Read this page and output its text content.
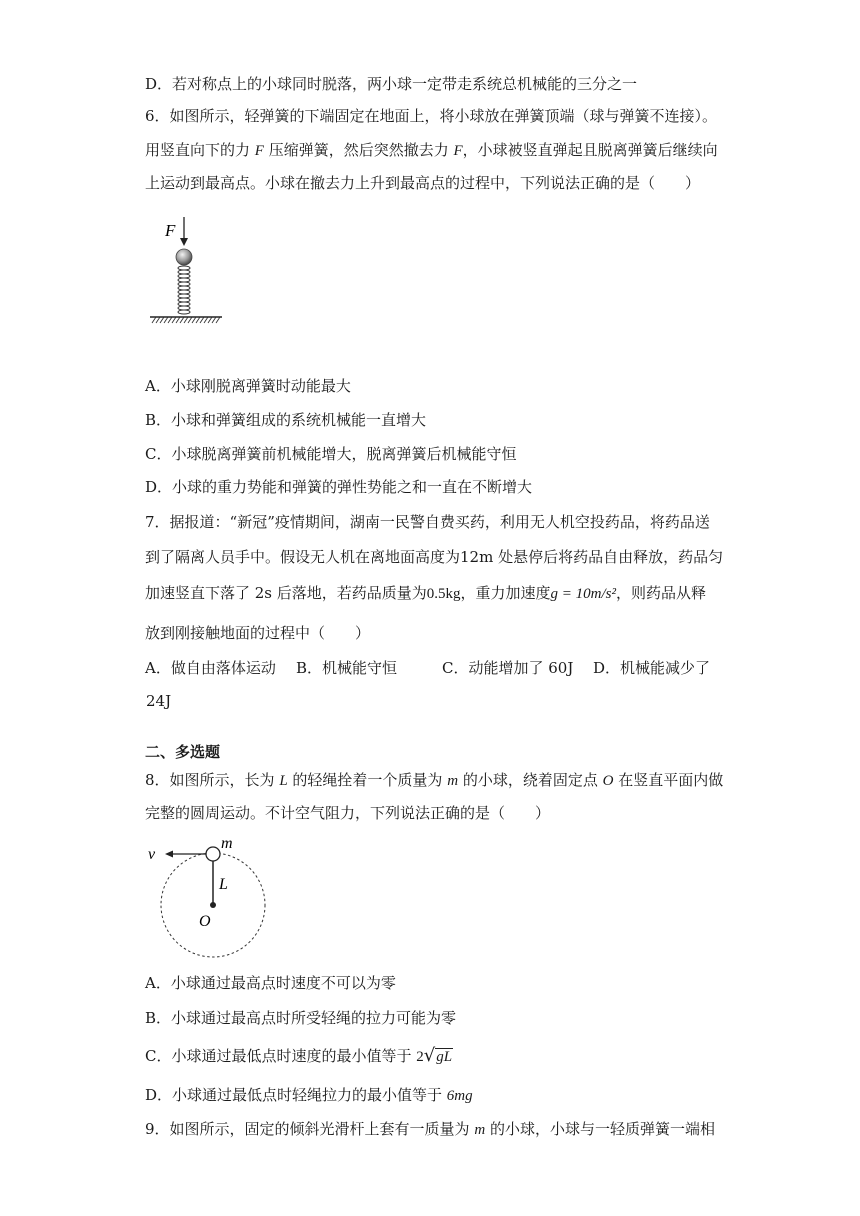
D．若对称点上的小球同时脱落，两小球一定带走系统总机械能的三分之一
6．如图所示，轻弹簧的下端固定在地面上，将小球放在弹簧顶端（球与弹簧不连接）。
用竖直向下的力 F 压缩弹簧，然后突然撤去力 F，小球被竖直弹起且脱离弹簧后继续向
上运动到最高点。小球在撤去力上升到最高点的过程中，下列说法正确的是（　　）
F
A．小球刚脱离弹簧时动能最大
B．小球和弹簧组成的系统机械能一直增大
C．小球脱离弹簧前机械能增大，脱离弹簧后机械能守恒
D．小球的重力势能和弹簧的弹性势能之和一直在不断增大
7．据报道：“新冠”疫情期间，湖南一民警自费买药，利用无人机空投药品，将药品送
到了隔离人员手中。假设无人机在离地面高度为12m 处悬停后将药品自由释放，药品匀
加速竖直下落了 2s 后落地，若药品质量为0.5kg，重力加速度g = 10m/s²，则药品从释
放到刚接触地面的过程中（　　）
A．做自由落体运动 B．机械能守恒	C．动能增加了 60J D．机械能减少了
24J
二、多选题
8．如图所示，长为 L 的轻绳拴着一个质量为 m 的小球，绕着固定点 O 在竖直平面内做
完整的圆周运动。不计空气阻力，下列说法正确的是（　　）
v
m
L
O
A．小球通过最高点时速度不可以为零
B．小球通过最高点时所受轻绳的拉力可能为零
C．小球通过最低点时速度的最小值等于 2√gL
D．小球通过最低点时轻绳拉力的最小值等于 6mg
9．如图所示，固定的倾斜光滑杆上套有一质量为 m 的小球，小球与一轻质弹簧一端相
